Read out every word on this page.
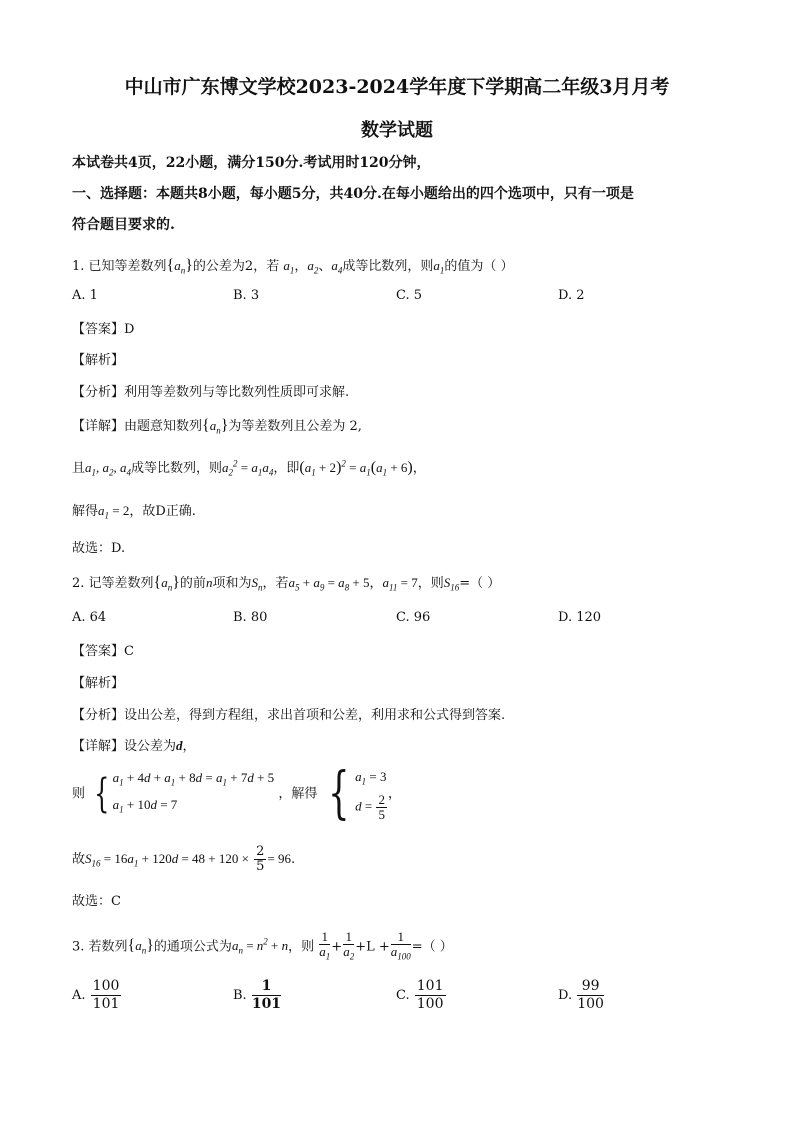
中山市广东博文学校2023-2024学年度下学期高二年级3月月考
数学试题
本试卷共4页，22小题，满分150分.考试用时120分钟，
一、选择题：本题共8小题，每小题5分，共40分.在每小题给出的四个选项中，只有一项是
符合题目要求的.
1. 已知等差数列$\{a_n\}$的公差为2，若 $a_1$，$a_2$、$a_4$成等比数列，则$a_1$的值为（ ）
A. 1	B. 3	C. 5	D. 2
【答案】D
【解析】
【分析】利用等差数列与等比数列性质即可求解.
【详解】由题意知数列$\{a_n\}$为等差数列且公差为 2,
且$a_1$, $a_2$, $a_4$成等比数列，则$a_2^2 = a_1a_4$，即$(a_1 + 2)^2 = a_1(a_1 + 6)$，
解得$a_1 = 2$，故D正确.
故选：D.
2. 记等差数列$\{a_n\}$的前n项和为$S_n$，若$a_5 + a_9 = a_8 + 5$，$a_{11} = 7$，则$S_{16}=$（ ）
A. 64	B. 80	C. 96	D. 120
【答案】C
【解析】
【分析】设出公差，得到方程组，求出首项和公差，利用求和公式得到答案.
【详解】设公差为d，
则 { $a_1 + 4d + a_1 + 8d = a_1 + 7d + 5$
$a_1 + 10d = 7$
，解得 { $a_1 = 3$
$d = \frac{2}{5}$ ，
故$S_{16} = 16a_1 + 120d = 48 + 120 \times \frac{2}{5} = 96$.
故选：C
3. 若数列$\{a_n\}$的通项公式为$a_n = n^2 + n$，则 $\frac{1}{a_1} + \frac{1}{a_2} +L + \frac{1}{a_{100}}$ =（ ）
A. $\frac{100}{101}$	B. $\frac{1}{101}$	C. $\frac{101}{100}$	D. $\frac{99}{100}$
